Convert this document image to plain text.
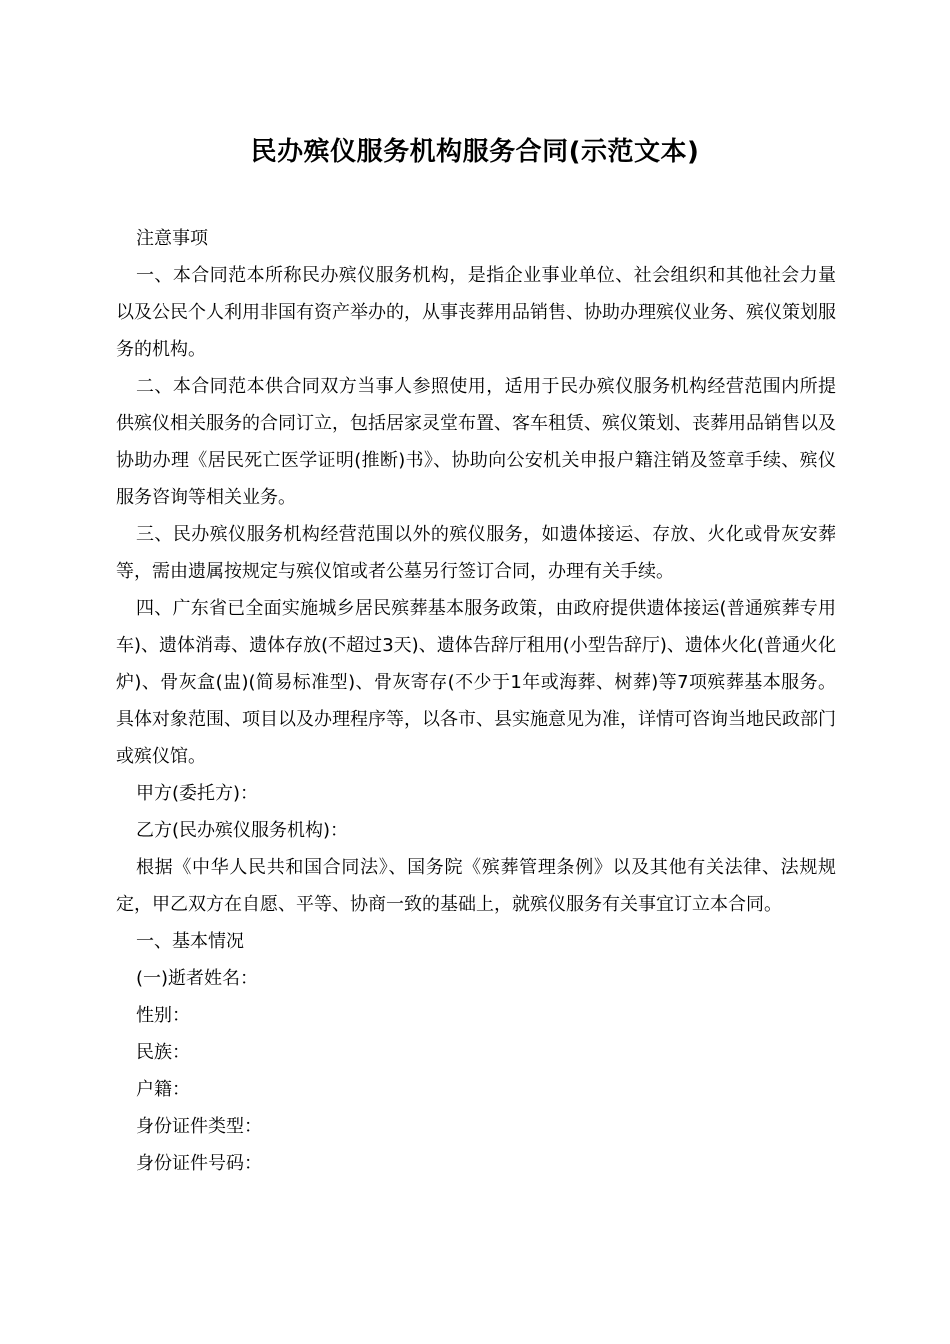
民办殡仪服务机构服务合同(示范文本)

注意事项

一、本合同范本所称民办殡仪服务机构，是指企业事业单位、社会组织和其他社会力量以及公民个人利用非国有资产举办的，从事丧葬用品销售、协助办理殡仪业务、殡仪策划服务的机构。

二、本合同范本供合同双方当事人参照使用，适用于民办殡仪服务机构经营范围内所提供殡仪相关服务的合同订立，包括居家灵堂布置、客车租赁、殡仪策划、丧葬用品销售以及协助办理《居民死亡医学证明(推断)书》、协助向公安机关申报户籍注销及签章手续、殡仪服务咨询等相关业务。

三、民办殡仪服务机构经营范围以外的殡仪服务，如遗体接运、存放、火化或骨灰安葬等，需由遗属按规定与殡仪馆或者公墓另行签订合同，办理有关手续。

四、广东省已全面实施城乡居民殡葬基本服务政策，由政府提供遗体接运(普通殡葬专用车)、遗体消毒、遗体存放(不超过3天)、遗体告辞厅租用(小型告辞厅)、遗体火化(普通火化炉)、骨灰盒(盅)(简易标准型)、骨灰寄存(不少于1年或海葬、树葬)等7项殡葬基本服务。具体对象范围、项目以及办理程序等，以各市、县实施意见为准，详情可咨询当地民政部门或殡仪馆。

甲方(委托方)：

乙方(民办殡仪服务机构)：

根据《中华人民共和国合同法》、国务院《殡葬管理条例》以及其他有关法律、法规规定，甲乙双方在自愿、平等、协商一致的基础上，就殡仪服务有关事宜订立本合同。

一、基本情况

(一)逝者姓名：

性别：

民族：

户籍：

身份证件类型：

身份证件号码：
